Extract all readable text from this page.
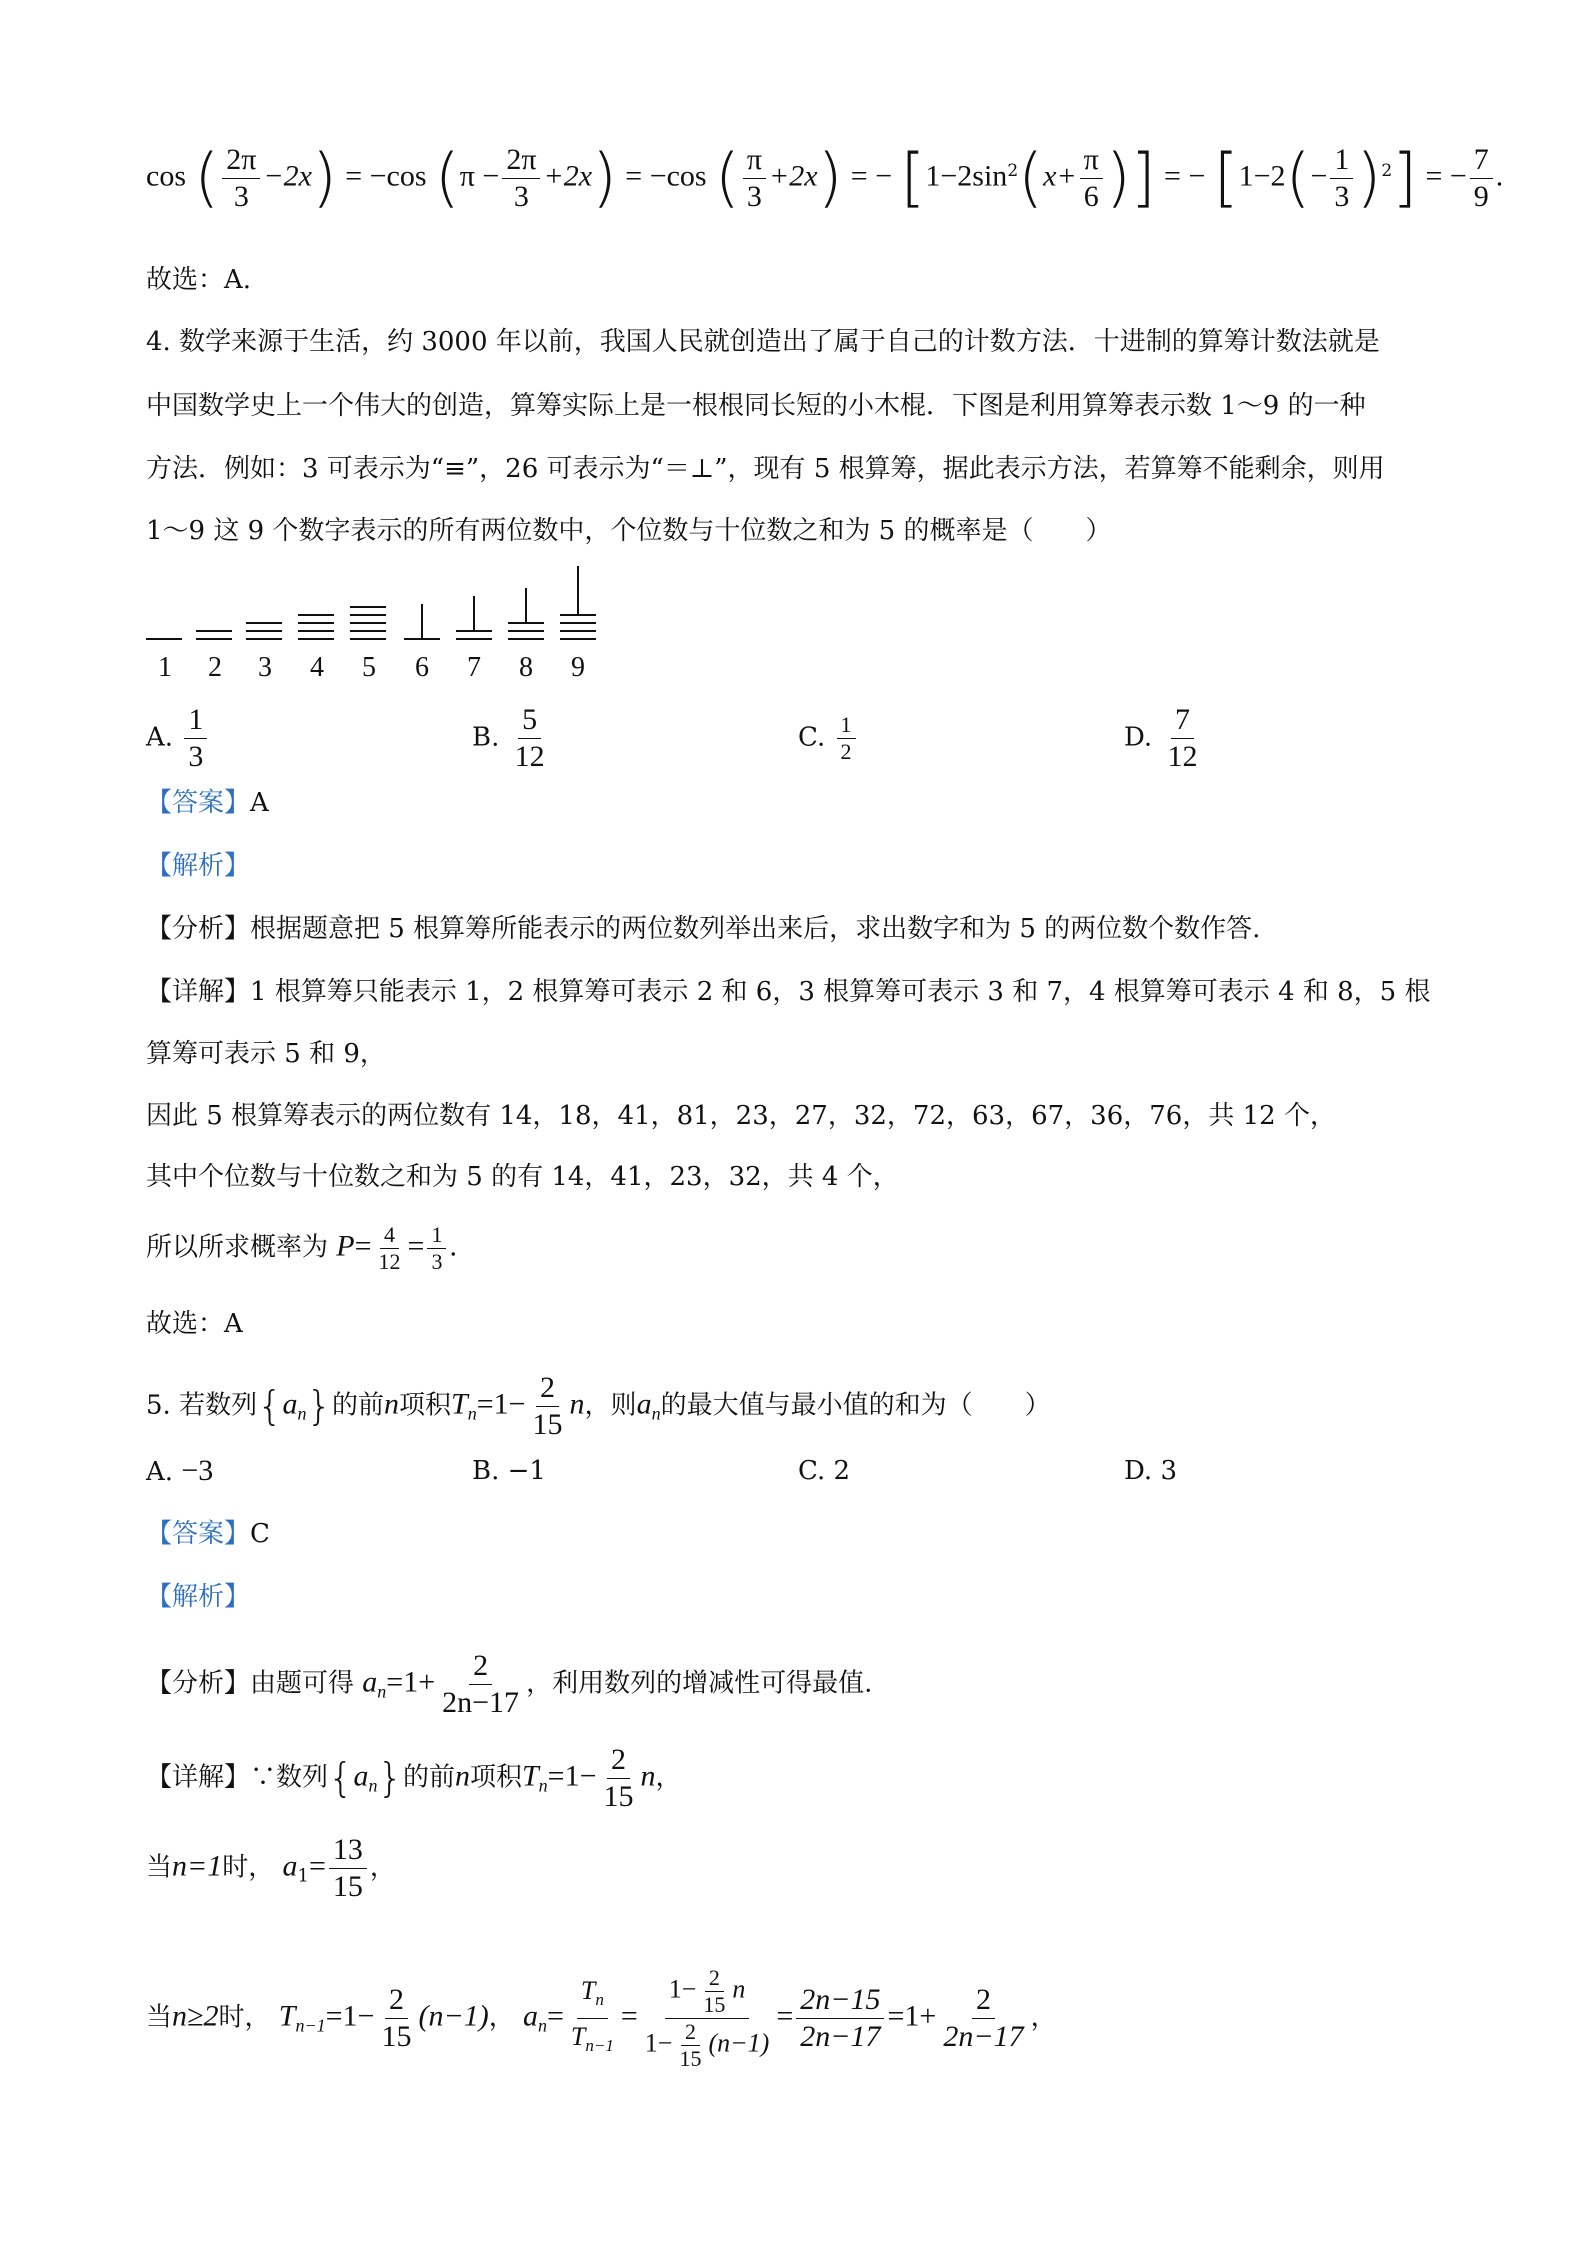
cos ( $\frac{2\pi}{3} -2x) = -\cos$ $(\pi - \frac{2\pi}{3} +2x) = -\cos$ ( $\frac{\pi}{3} +2x$) = − [$1-2\sin^2(x+ \frac{\pi}{6}$ )] = − $[1-2(- \frac{1}{3} )^2]$ = − $\frac{7}{9}$ .
故选：A.
4. 数学来源于生活，约 3000 年以前，我国人民就创造出了属于自己的计数方法．十进制的算筹计数法就是
中国数学史上一个伟大的创造，算筹实际上是一根根同长短的小木棍．下图是利用算筹表示数 1～9 的一种
方法．例如：3 可表示为“≡”，26 可表示为“＝⊥”，现有 5 根算筹，据此表示方法，若算筹不能剩余，则用
1～9 这 9 个数字表示的所有两位数中，个位数与十位数之和为 5 的概率是（　　）
1 2 3 4 5 6 7 8 9
A. $\frac{1}{3}$	B. $\frac{5}{12}$	C. $\frac{1}{2}$	D. $\frac{7}{12}$
【答案】A
【解析】
【分析】根据题意把 5 根算筹所能表示的两位数列举出来后，求出数字和为 5 的两位数个数作答.
【详解】1 根算筹只能表示 1，2 根算筹可表示 2 和 6，3 根算筹可表示 3 和 7，4 根算筹可表示 4 和 8，5 根
算筹可表示 5 和 9，
因此 5 根算筹表示的两位数有 14，18，41，81，23，27，32，72，63，67，36，76，共 12 个，
其中个位数与十位数之和为 5 的有 14，41，23，32，共 4 个，
所以所求概率为 $P= \frac{4}{12} = \frac{1}{3}$ .
故选：A
5. 若数列$\{a_n\}$的前n项积$T_n=1- \frac{2}{15}$ n，则$a_n$的最大值与最小值的和为（　　）
A. −3	B. −1	C. 2	D. 3
【答案】C
【解析】
【分析】由题可得 $a_n=1+ \frac{2}{2n-17}$ ，利用数列的增减性可得最值.
【详解】∵数列$\{a_n\}$的前n项积$T_n=1- \frac{2}{15}$ n，
当n=1时， $a_1= \frac{13}{15}$ ，
当n≥2时， $T_{n-1}=1- \frac{2}{15} (n-1)$， $a_n= \frac{T_n}{T_{n-1}} = \frac{1- \frac{2}{15} n}{1- \frac{2}{15} (n-1)} = \frac{2n-15}{2n-17} =1+ \frac{2}{2n-17}$ ，
